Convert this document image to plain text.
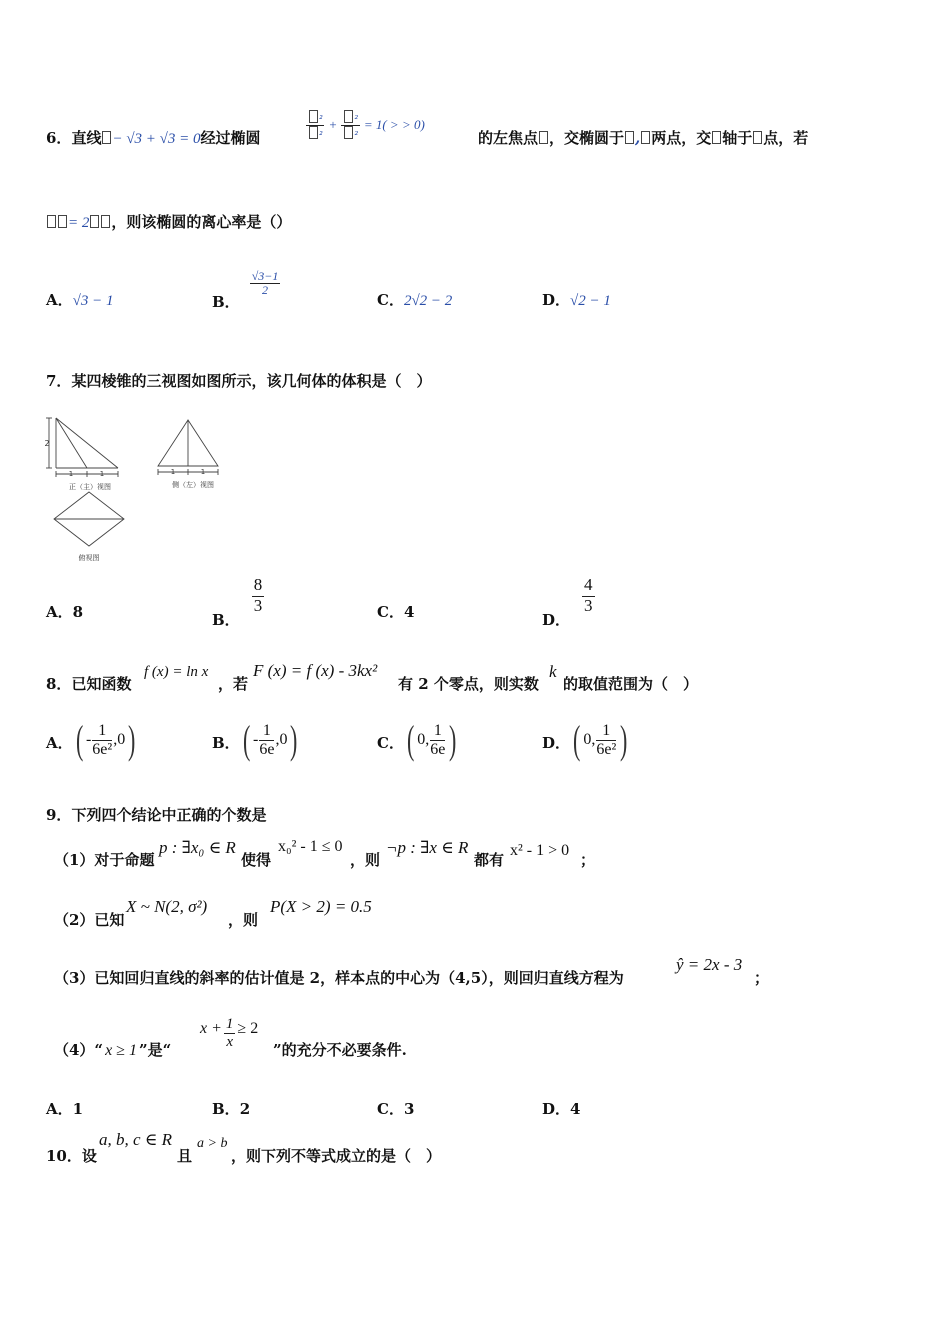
6．直线 − √3 + √3 = 0经过椭圆	$\frac{\text{²}}{\text{²}} + \frac{\text{²}}{\text{²}} = 1$( > > 0)
的左焦点 ，交椭圆于 , 两点，交 轴于 点，若
= 2 ，则该椭圆的离心率是（）
A．√3 − 1	B．
$\frac{√3-1}{2}$
C．2√2 − 2	D．√2 − 1
7．某四棱锥的三视图如图所示，该几何体的体积是（　）
2
1	1
正（主）视图
1	1
侧（左）视图
俯视图
A．8	B．
$\frac{8}{3}$	C．4	D．
$\frac{4}{3}$
8．已知函数
f (x) = ln x
，若
F (x) = f (x) - 3kx²
有 2 个零点，则实数
k
的取值范围为（　）
A．( - $\frac{1}{\text{6e²}} ,0$)	B．( - $\frac{1}{6e} ,0$)	C．( 0, $\frac{1}{6e}$ )	D．( 0, $\frac{1}{\text{6e²}}$ )
9．下列四个结论中正确的个数是
（1）对于命题
p : ∃x₀ ∈ R
使得
x₀² - 1 ≤ 0
，则
¬p : ∃x ∈ R
都有
x² - 1 > 0
；
（2）已知
X ~ N(2, σ²)
，则
P(X > 2) = 0.5
（3）已知回归直线的斜率的估计值是 2，样本点的中心为（4,5），则回归直线方程为
ŷ = 2x - 3
；
（4）“ x ≥ 1 ”是“
$x + \frac{1}{x} \ge 2$
”的充分不必要条件.
A．1	B．2	C．3	D．4
10．设
a, b, c ∈ R
且
a > b
，则下列不等式成立的是（　）
